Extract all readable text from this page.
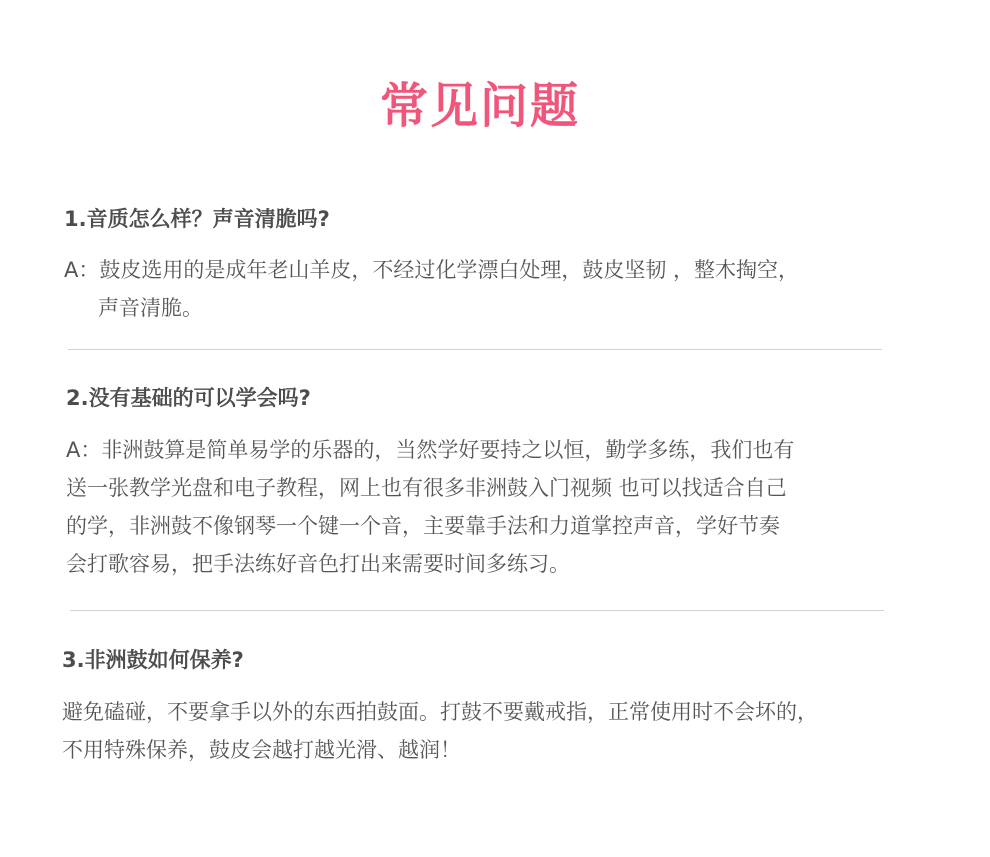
常见问题
1.音质怎么样？声音清脆吗?
A：鼓皮选用的是成年老山羊皮，不经过化学漂白处理，鼓皮坚韧 ，整木掏空，
声音清脆。
2.没有基础的可以学会吗?
A：非洲鼓算是简单易学的乐器的，当然学好要持之以恒，勤学多练，我们也有
送一张教学光盘和电子教程，网上也有很多非洲鼓入门视频 也可以找适合自己
的学，非洲鼓不像钢琴一个键一个音，主要靠手法和力道掌控声音，学好节奏
会打歌容易，把手法练好音色打出来需要时间多练习。
3.非洲鼓如何保养?
避免磕碰，不要拿手以外的东西拍鼓面。打鼓不要戴戒指，正常使用时不会坏的，
不用特殊保养，鼓皮会越打越光滑、越润！
